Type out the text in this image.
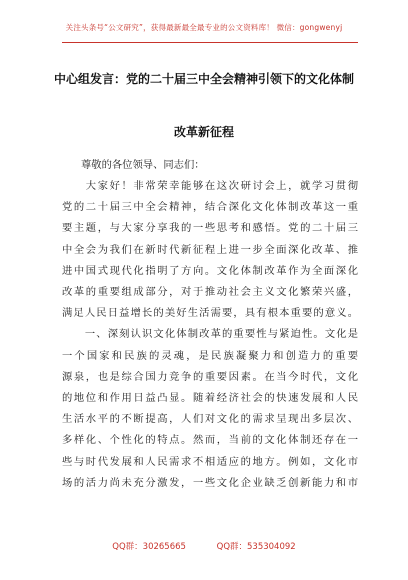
关注头条号“公文研究”，获得最新最全最专业的公文资料库！ 微信：gongwenyj
中心组发言：党的二十届三中全会精神引领下的文化体制
改革新征程
尊敬的各位领导、同志们：
　　大家好！非常荣幸能够在这次研讨会上，就学习贯彻
党的二十届三中全会精神，结合深化文化体制改革这一重
要主题，与大家分享我的一些思考和感悟。党的二十届三
中全会为我们在新时代新征程上进一步全面深化改革、推
进中国式现代化指明了方向。文化体制改革作为全面深化
改革的重要组成部分，对于推动社会主义文化繁荣兴盛，
满足人民日益增长的美好生活需要，具有根本重要的意义。
　　一、深刻认识文化体制改革的重要性与紧迫性。文化是
一个国家和民族的灵魂，是民族凝聚力和创造力的重要
源泉，也是综合国力竞争的重要因素。在当今时代，文化
的地位和作用日益凸显。随着经济社会的快速发展和人民
生活水平的不断提高，人们对文化的需求呈现出多层次、
多样化、个性化的特点。然而，当前的文化体制还存在一
些与时代发展和人民需求不相适应的地方。例如，文化市
场的活力尚未充分激发，一些文化企业缺乏创新能力和市
QQ群：30265665	QQ群：535304092
